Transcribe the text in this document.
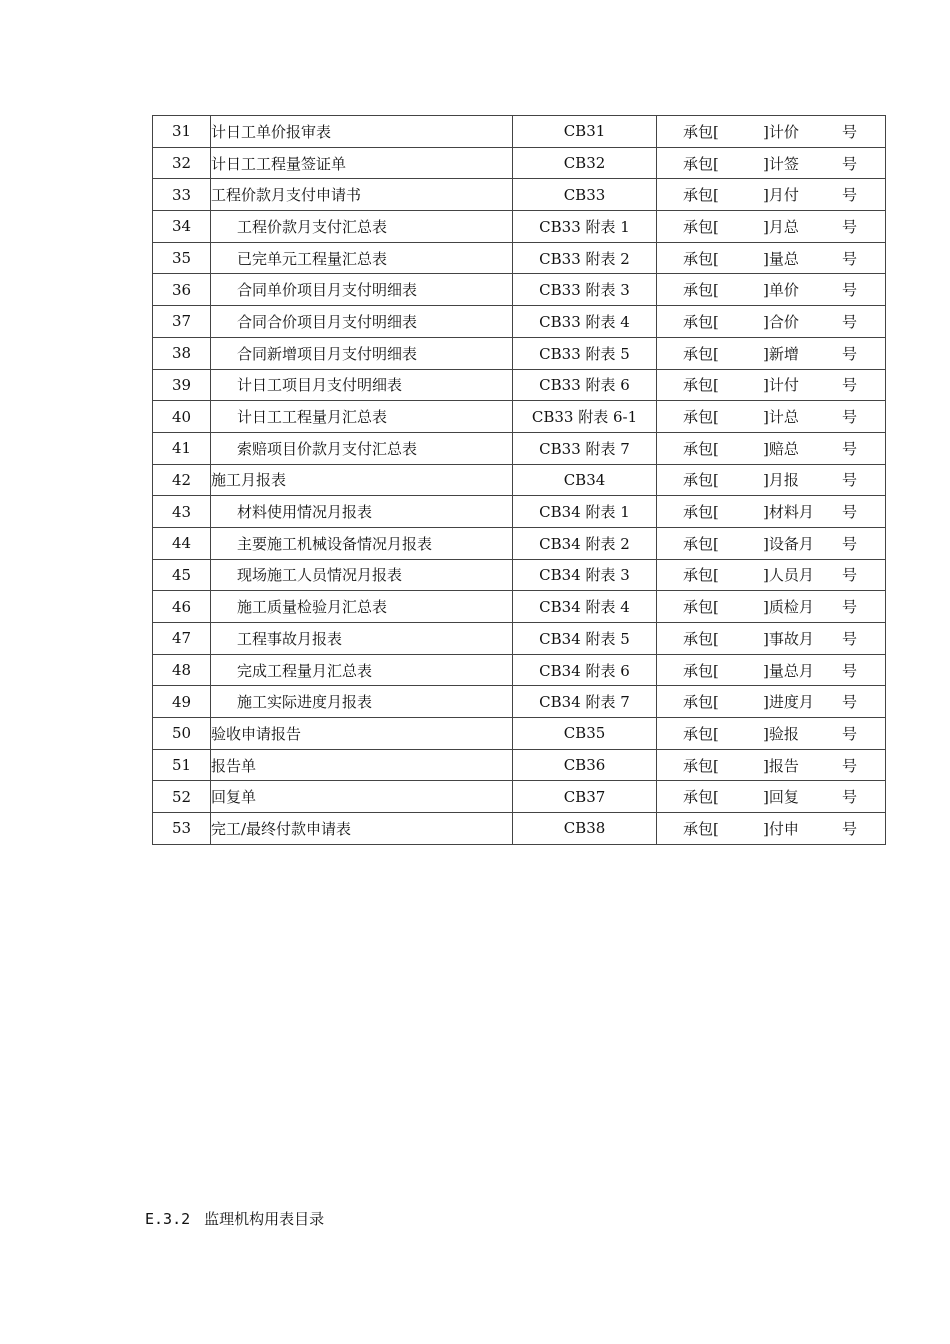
31	计日工单价报审表	CB31	承包[ ]计价 号

32	计日工工程量签证单	CB32	承包[ ]计签 号

33	工程价款月支付申请书	CB33	承包[ ]月付 号

34	工程价款月支付汇总表	CB33 附表 1	承包[ ]月总 号

35	已完单元工程量汇总表	CB33 附表 2	承包[ ]量总 号

36	合同单价项目月支付明细表	CB33 附表 3	承包[ ]单价 号

37	合同合价项目月支付明细表	CB33 附表 4	承包[ ]合价 号

38	合同新增项目月支付明细表	CB33 附表 5	承包[ ]新增 号

39	计日工项目月支付明细表	CB33 附表 6	承包[ ]计付 号

40	计日工工程量月汇总表	CB33 附表 6-1	承包[ ]计总 号

41	索赔项目价款月支付汇总表	CB33 附表 7	承包[ ]赔总 号

42	施工月报表	CB34	承包[ ]月报 号

43	材料使用情况月报表	CB34 附表 1	承包[ ]材料月 号

44	主要施工机械设备情况月报表	CB34 附表 2	承包[ ]设备月 号

45	现场施工人员情况月报表	CB34 附表 3	承包[ ]人员月 号

46	施工质量检验月汇总表	CB34 附表 4	承包[ ]质检月 号

47	工程事故月报表	CB34 附表 5	承包[ ]事故月 号

48	完成工程量月汇总表	CB34 附表 6	承包[ ]量总月 号

49	施工实际进度月报表	CB34 附表 7	承包[ ]进度月 号

50	验收申请报告	CB35	承包[ ]验报 号

51	报告单	CB36	承包[ ]报告 号

52	回复单	CB37	承包[ ]回复 号

53	完工/最终付款申请表	CB38	承包[ ]付申 号
E.3.2 监理机构用表目录
